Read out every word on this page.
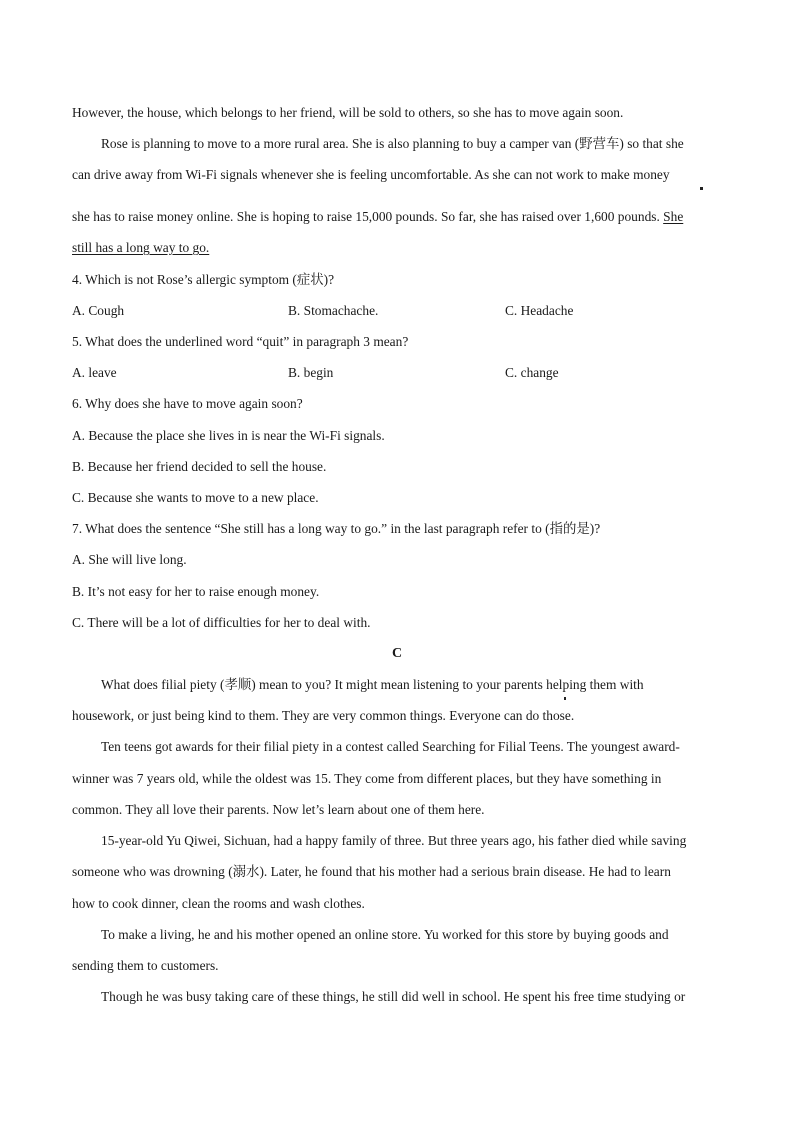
However, the house, which belongs to her friend, will be sold to others, so she has to move again soon.
Rose is planning to move to a more rural area. She is also planning to buy a camper van (野营车) so that she
can drive away from Wi-Fi signals whenever she is feeling uncomfortable. As she can not work to make money
she has to raise money online. She is hoping to raise 15,000 pounds. So far, she has raised over 1,600 pounds. She
still has a long way to go.
4. Which is not Rose’s allergic symptom (症状)?
A. Cough	B. Stomachache.	C. Headache
5. What does the underlined word “quit” in paragraph 3 mean?
A. leave	B. begin	C. change
6. Why does she have to move again soon?
A. Because the place she lives in is near the Wi-Fi signals.
B. Because her friend decided to sell the house.
C. Because she wants to move to a new place.
7. What does the sentence “She still has a long way to go.” in the last paragraph refer to (指的是)?
A. She will live long.
B. It’s not easy for her to raise enough money.
C. There will be a lot of difficulties for her to deal with.
C
What does filial piety (孝顺) mean to you? It might mean listening to your parents helping them with
housework, or just being kind to them. They are very common things. Everyone can do those.
Ten teens got awards for their filial piety in a contest called Searching for Filial Teens. The youngest award-
winner was 7 years old, while the oldest was 15. They come from different places, but they have something in
common. They all love their parents. Now let’s learn about one of them here.
15-year-old Yu Qiwei, Sichuan, had a happy family of three. But three years ago, his father died while saving
someone who was drowning (溺水). Later, he found that his mother had a serious brain disease. He had to learn
how to cook dinner, clean the rooms and wash clothes.
To make a living, he and his mother opened an online store. Yu worked for this store by buying goods and
sending them to customers.
Though he was busy taking care of these things, he still did well in school. He spent his free time studying or
